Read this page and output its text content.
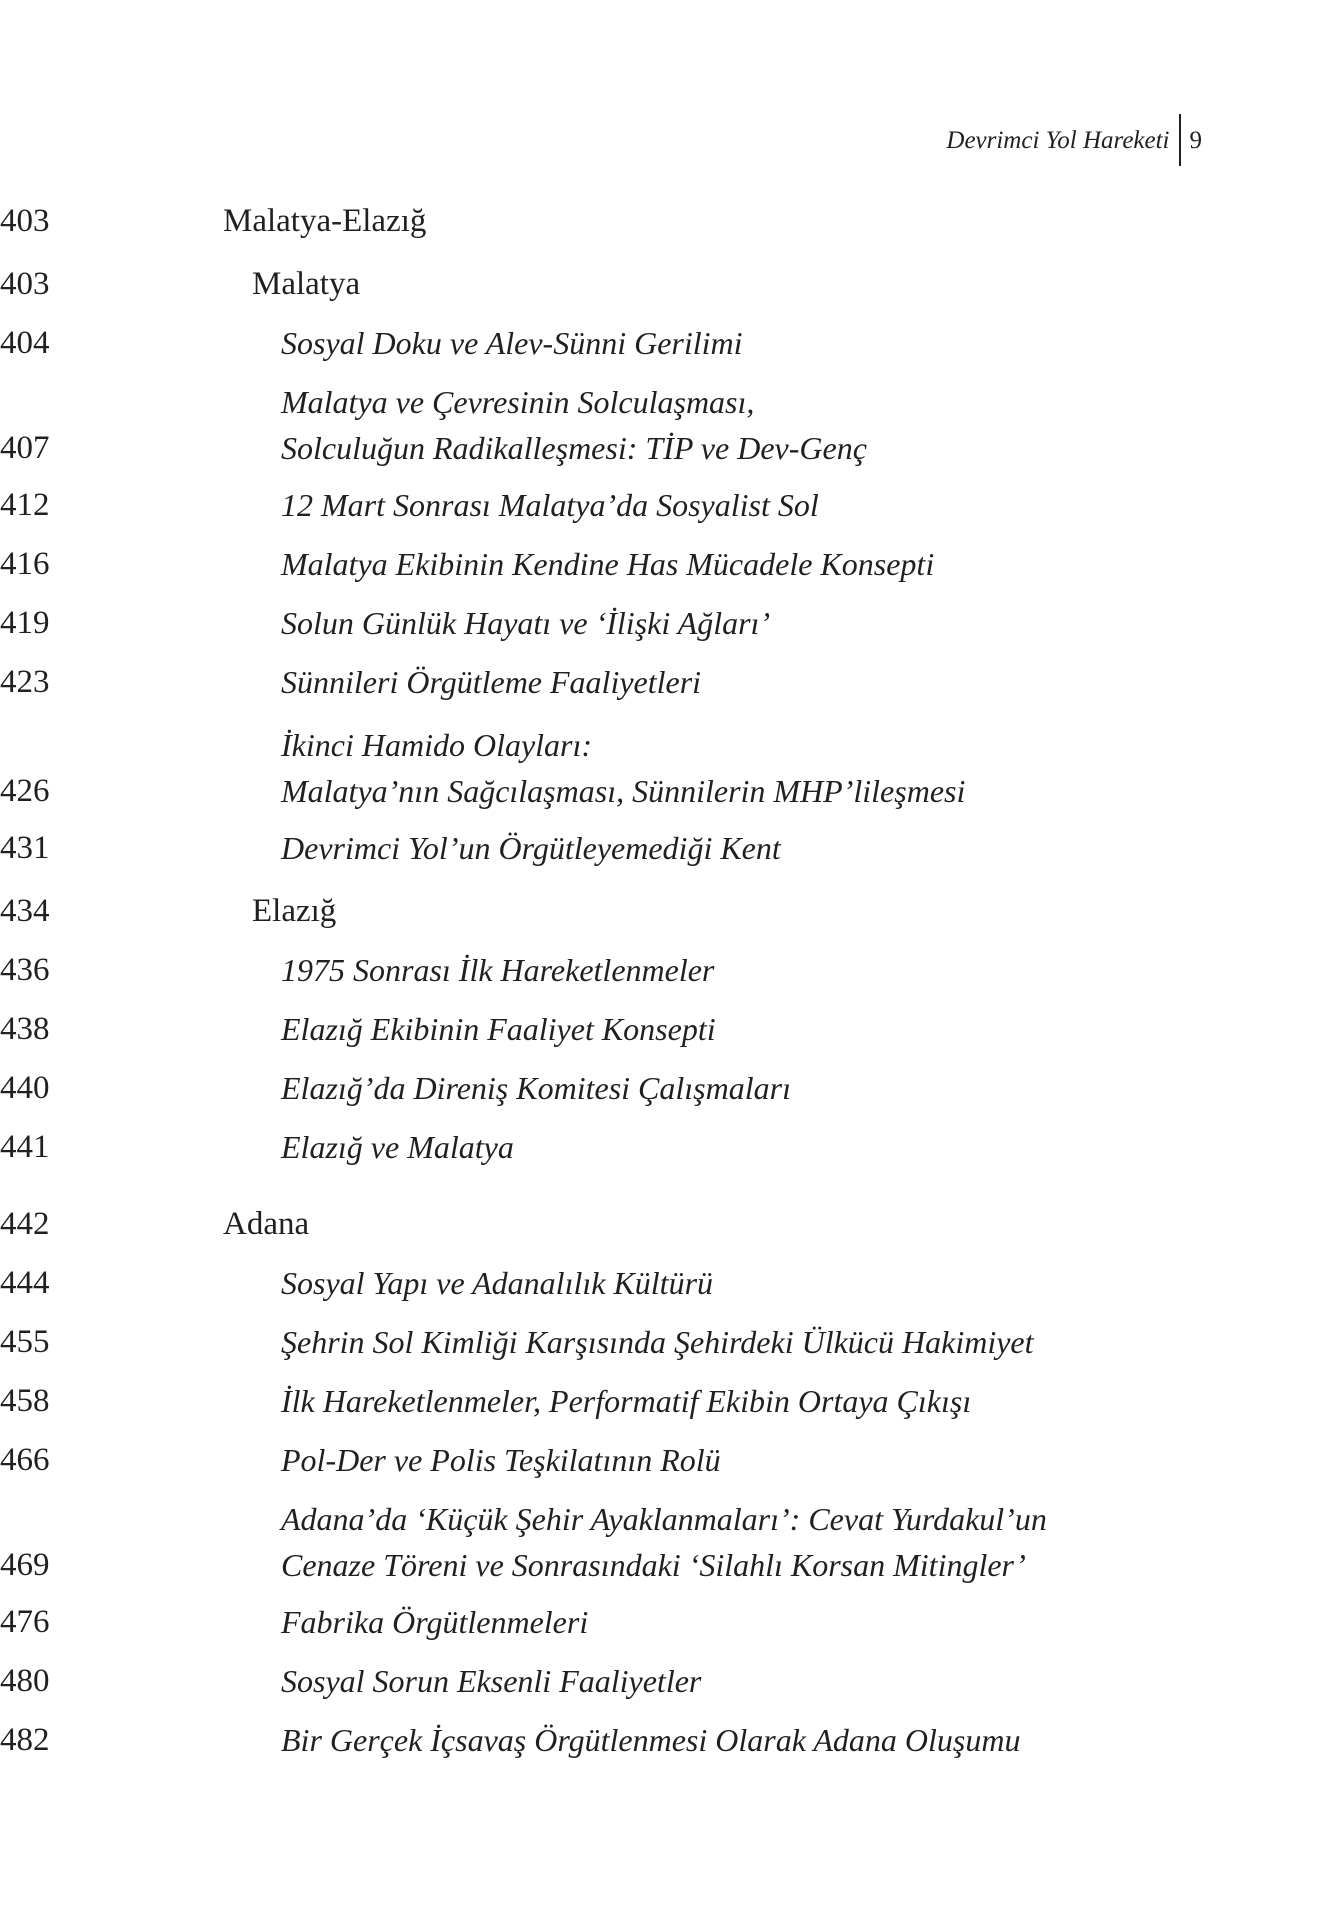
Devrimci Yol Hareketi 9
Malatya-Elazığ
403
Malatya
403
Sosyal Doku ve Alev-Sünni Gerilimi
404
Malatya ve Çevresinin Solculaşması,
Solculuğun Radikalleşmesi: TİP ve Dev-Genç
407
12 Mart Sonrası Malatya’da Sosyalist Sol
412
Malatya Ekibinin Kendine Has Mücadele Konsepti
416
Solun Günlük Hayatı ve ‘İlişki Ağları’
419
Sünnileri Örgütleme Faaliyetleri
423
İkinci Hamido Olayları:
Malatya’nın Sağcılaşması, Sünnilerin MHP’lileşmesi
426
Devrimci Yol’un Örgütleyemediği Kent
431
Elazığ
434
1975 Sonrası İlk Hareketlenmeler
436
Elazığ Ekibinin Faaliyet Konsepti
438
Elazığ’da Direniş Komitesi Çalışmaları
440
Elazığ ve Malatya
441
Adana
442
Sosyal Yapı ve Adanalılık Kültürü
444
Şehrin Sol Kimliği Karşısında Şehirdeki Ülkücü Hakimiyet
455
İlk Hareketlenmeler, Performatif Ekibin Ortaya Çıkışı
458
Pol-Der ve Polis Teşkilatının Rolü
466
Adana’da ‘Küçük Şehir Ayaklanmaları’: Cevat Yurdakul’un
Cenaze Töreni ve Sonrasındaki ‘Silahlı Korsan Mitingler’
469
Fabrika Örgütlenmeleri
476
Sosyal Sorun Eksenli Faaliyetler
480
Bir Gerçek İçsavaş Örgütlenmesi Olarak Adana Oluşumu
482
